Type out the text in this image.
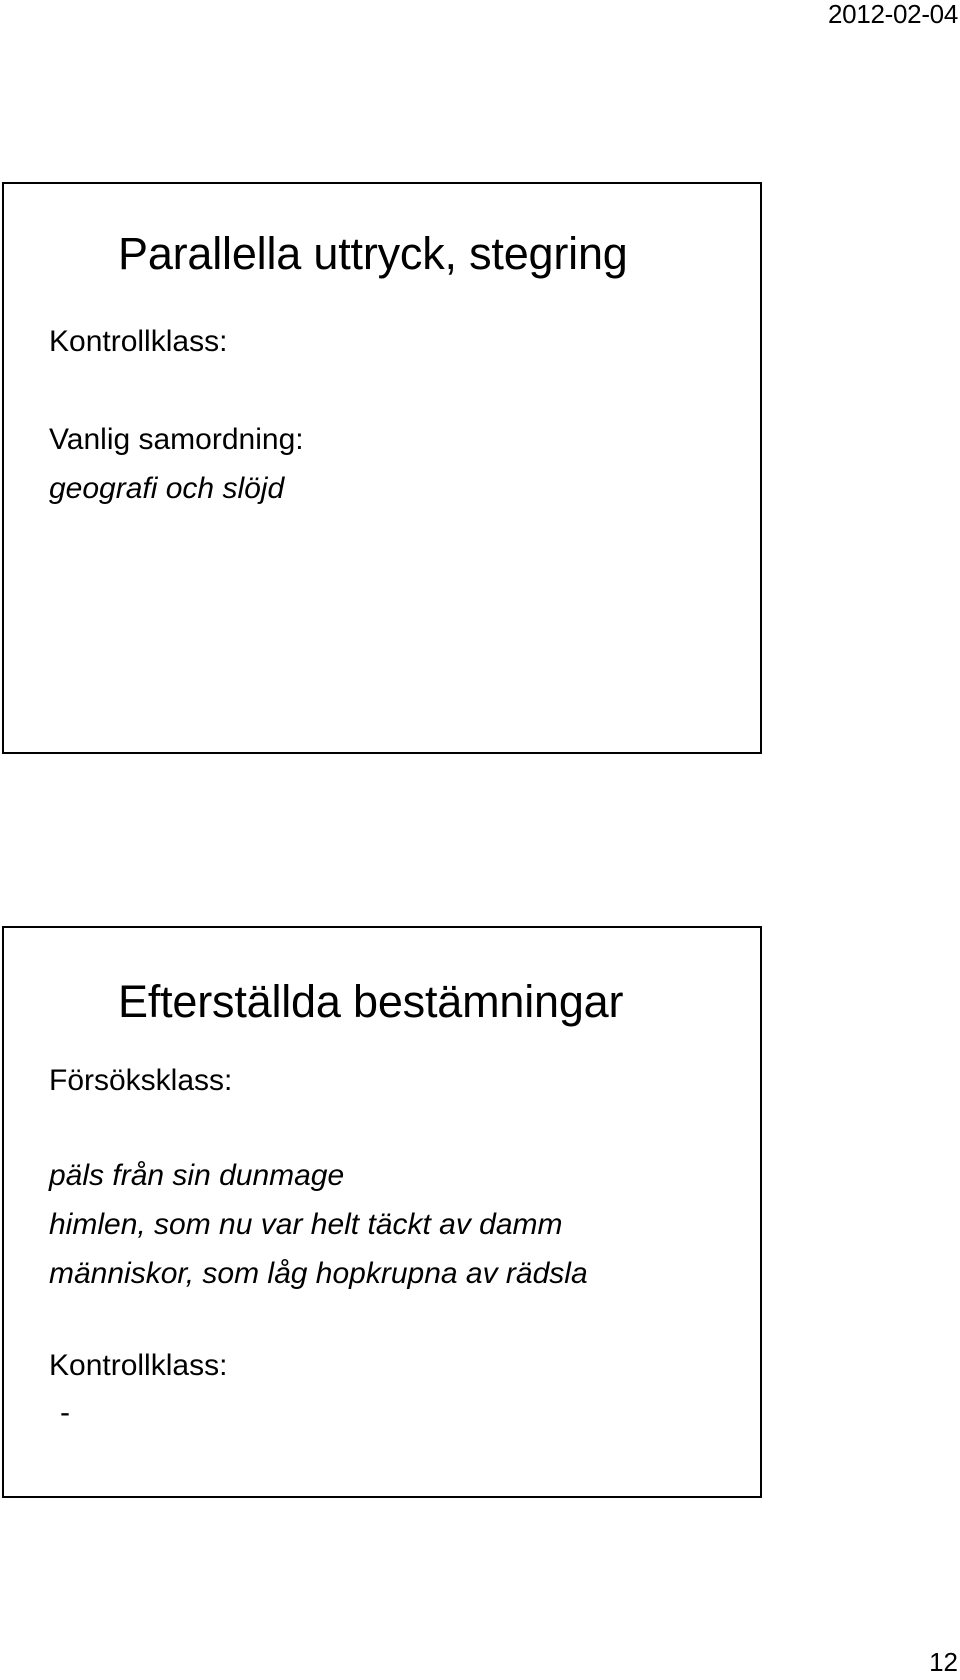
2012-02-04
Parallella uttryck, stegring
Kontrollklass:
Vanlig samordning:
geografi och slöjd
Efterställda bestämningar
Försöksklass:
päls från sin dunmage
himlen, som nu var helt täckt av damm
människor, som låg hopkrupna av rädsla
Kontrollklass:
-
12
